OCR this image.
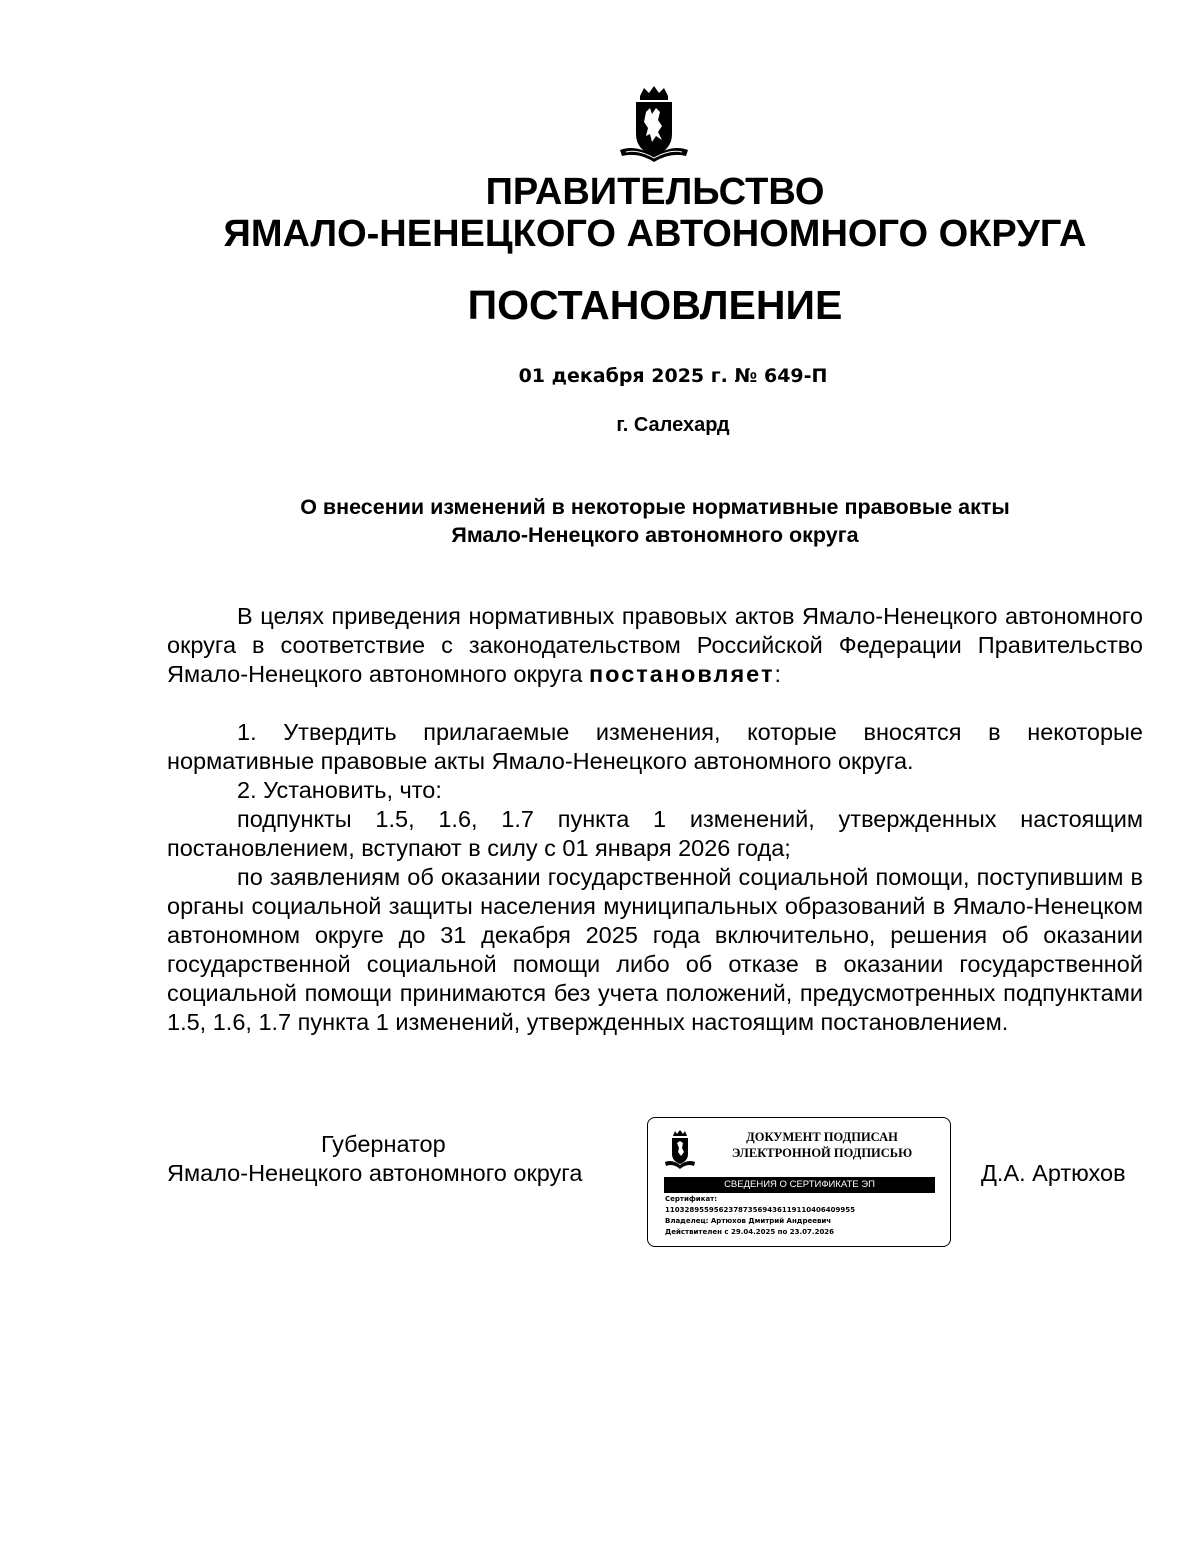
ПРАВИТЕЛЬСТВО
ЯМАЛО-НЕНЕЦКОГО АВТОНОМНОГО ОКРУГА
ПОСТАНОВЛЕНИЕ
01 декабря 2025 г. № 649-П
г. Салехард
О внесении изменений в некоторые нормативные правовые акты
Ямало-Ненецкого автономного округа

В целях приведения нормативных правовых актов Ямало-Ненецкого автономного округа в соответствие с законодательством Российской Федерации Правительство Ямало-Ненецкого автономного округа постановляет:

1. Утвердить прилагаемые изменения, которые вносятся в некоторые нормативные правовые акты Ямало-Ненецкого автономного округа.

2. Установить, что:

подпункты 1.5, 1.6, 1.7 пункта 1 изменений, утвержденных настоящим постановлением, вступают в силу с 01 января 2026 года;

по заявлениям об оказании государственной социальной помощи, поступившим в органы социальной защиты населения муниципальных образований в Ямало-Ненецком автономном округе до 31 декабря 2025 года включительно, решения об оказании государственной социальной помощи либо об отказе в оказании государственной социальной помощи принимаются без учета положений, предусмотренных подпунктами 1.5, 1.6, 1.7 пункта 1 изменений, утвержденных настоящим постановлением.

Губернатор
Ямало-Ненецкого автономного округа
ДОКУМЕНТ ПОДПИСАН
ЭЛЕКТРОННОЙ ПОДПИСЬЮ
СВЕДЕНИЯ О СЕРТИФИКАТЕ ЭП
Сертификат:
110328955956237873569436119110406409955
Владелец: Артюхов Дмитрий Андреевич
Действителен с 29.04.2025 по 23.07.2026
Д.А. Артюхов
